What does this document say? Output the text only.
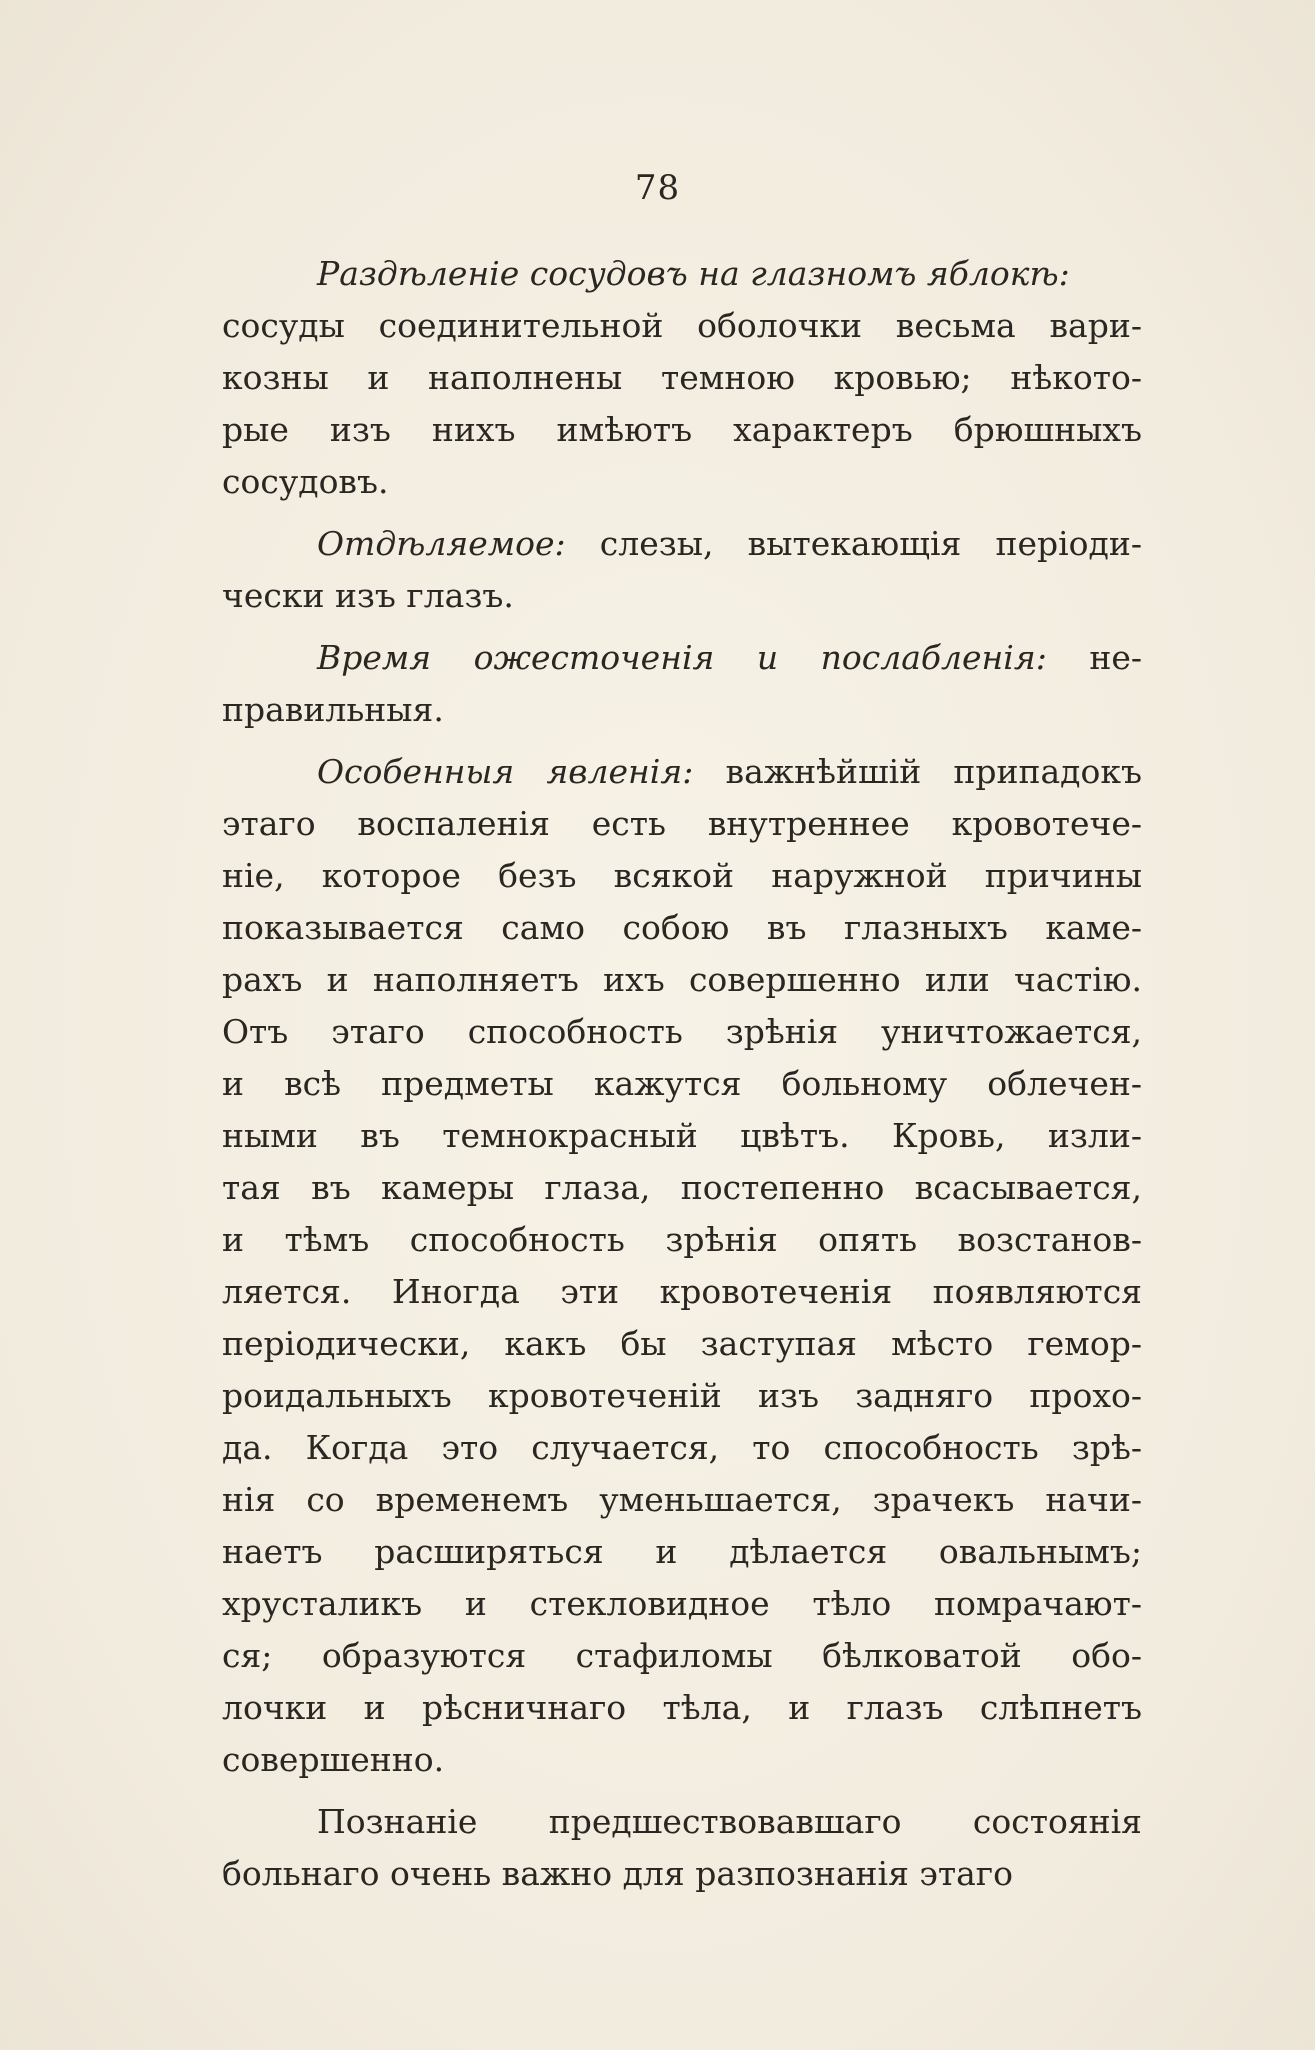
78
Раздѣленіе сосудовъ на глазномъ яблокѣ:
сосуды соединительной оболочки весьма вари-
козны и наполнены темною кровью; нѣкото-
рые изъ нихъ имѣютъ характеръ брюшныхъ
сосудовъ.
Отдѣляемое: слезы, вытекающія періоди-
чески изъ глазъ.
Время ожесточенія и послабленія: не-
правильныя.
Особенныя явленія: важнѣйшій припадокъ
этаго воспаленія есть внутреннее кровотече-
ніе, которое безъ всякой наружной причины
показывается само собою въ глазныхъ каме-
рахъ и наполняетъ ихъ совершенно или частію.
Отъ этаго способность зрѣнія уничтожается,
и всѣ предметы кажутся больному облечен-
ными въ темнокрасный цвѣтъ. Кровь, изли-
тая въ камеры глаза, постепенно всасывается,
и тѣмъ способность зрѣнія опять возстанов-
ляется. Иногда эти кровотеченія появляются
періодически, какъ бы заступая мѣсто гемор-
роидальныхъ кровотеченій изъ задняго прохо-
да. Когда это случается, то способность зрѣ-
нія со временемъ уменьшается, зрачекъ начи-
наетъ расширяться и дѣлается овальнымъ;
хрусталикъ и стекловидное тѣло помрачают-
ся; образуются стафиломы бѣлковатой обо-
лочки и рѣсничнаго тѣла, и глазъ слѣпнетъ
совершенно.
Познаніе предшествовавшаго состоянія
больнаго очень важно для разпознанія этаго
